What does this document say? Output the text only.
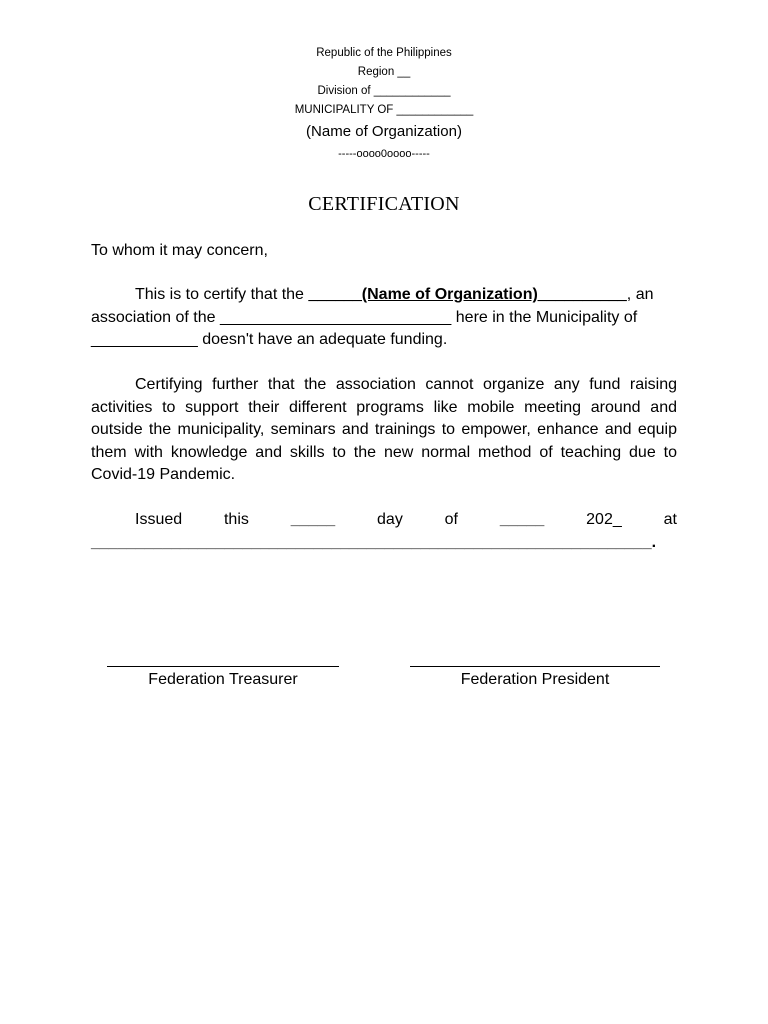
Republic of the Philippines
Region __
Division of ____________
MUNICIPALITY OF ____________
(Name of Organization)
-----oooo0oooo-----
CERTIFICATION
To whom it may concern,
This is to certify that the ______(Name of Organization)__________, an association of the __________________________ here in the Municipality of ____________ doesn't have an adequate funding.
Certifying further that the association cannot organize any fund raising activities to support their different programs like mobile meeting around and outside the municipality, seminars and trainings to empower, enhance and equip them with knowledge and skills to the new normal method of teaching due to Covid-19 Pandemic.
Issued	this	_____	day	of	_____	202_	at
_______________________________________________________________.
Federation Treasurer	Federation President
